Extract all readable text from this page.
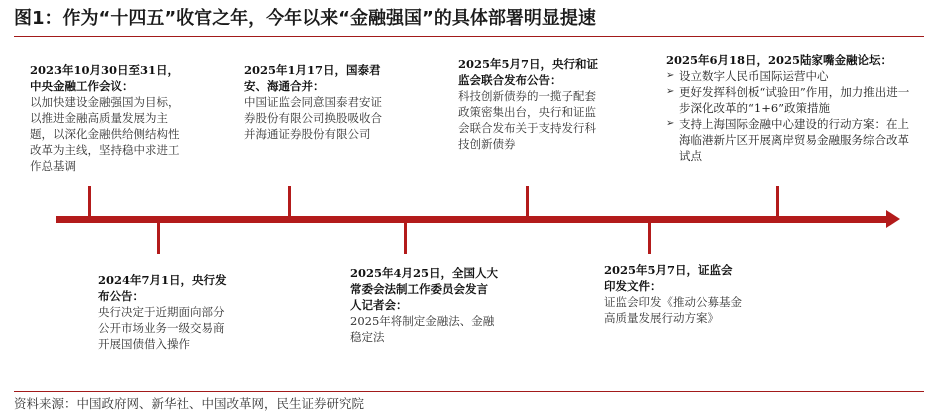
图1：作为“十四五”收官之年，今年以来“金融强国”的具体部署明显提速
2023年10月30日至31日，中央金融工作会议：
以加快建设金融强国为目标，以推进金融高质量发展为主题，以深化金融供给侧结构性改革为主线，坚持稳中求进工作总基调
2025年1月17日，国泰君安、海通合并：
中国证监会同意国泰君安证券股份有限公司换股吸收合并海通证券股份有限公司
2025年5月7日，央行和证监会联合发布公告：
科技创新债券的一揽子配套政策密集出台，央行和证监会联合发布关于支持发行科技创新债券
2025年6月18日，2025陆家嘴金融论坛：
➢ 设立数字人民币国际运营中心
➢ 更好发挥科创板“试验田”作用，加力推出进一步深化改革的“1+6”政策措施
➢ 支持上海国际金融中心建设的行动方案：在上海临港新片区开展离岸贸易金融服务综合改革试点
2024年7月1日，央行发布公告：
央行决定于近期面向部分公开市场业务一级交易商开展国债借入操作
2025年4月25日，全国人大常委会法制工作委员会发言人记者会：
2025年将制定金融法、金融稳定法
2025年5月7日，证监会印发文件：
证监会印发《推动公募基金高质量发展行动方案》
资料来源：中国政府网、新华社、中国改革网，民生证券研究院
